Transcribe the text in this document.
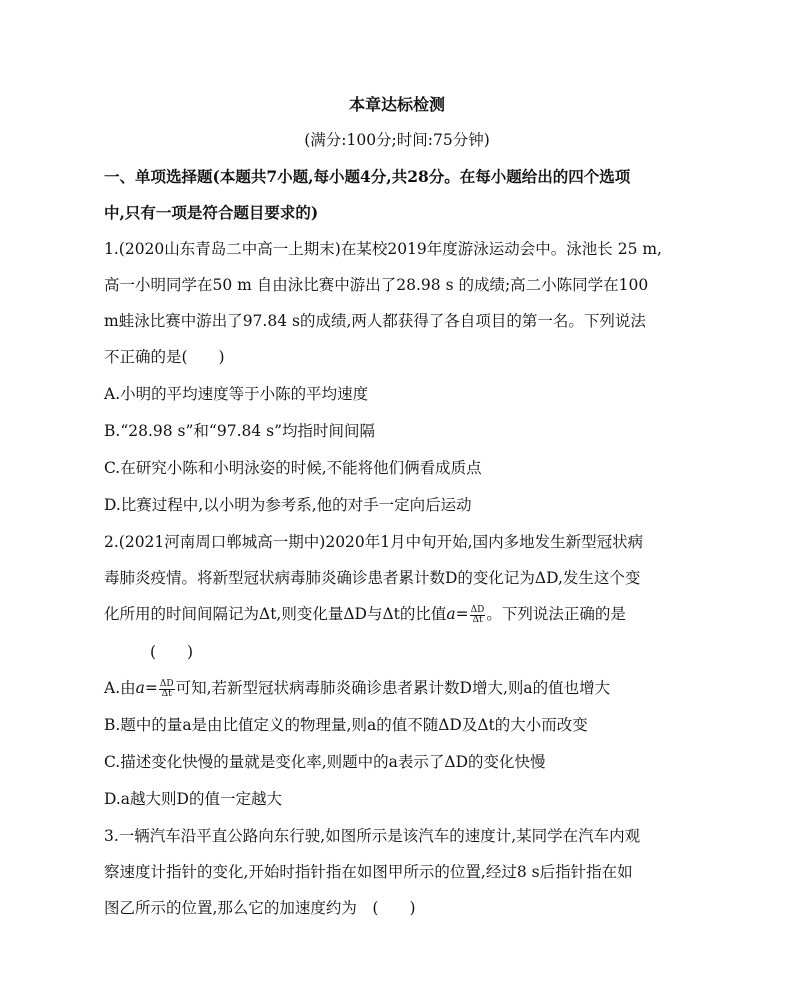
本章达标检测
(满分:100分;时间:75分钟)
一、单项选择题(本题共7小题,每小题4分,共28分。在每小题给出的四个选项
中,只有一项是符合题目要求的)
1.(2020山东青岛二中高一上期末)在某校2019年度游泳运动会中。泳池长 25 m,
高一小明同学在50 m 自由泳比赛中游出了28.98 s 的成绩;高二小陈同学在100
m蛙泳比赛中游出了97.84 s的成绩,两人都获得了各自项目的第一名。下列说法
不正确的是(　　)
A.小明的平均速度等于小陈的平均速度
B.“28.98 s”和“97.84 s”均指时间间隔
C.在研究小陈和小明泳姿的时候,不能将他们俩看成质点
D.比赛过程中,以小明为参考系,他的对手一定向后运动
2.(2021河南周口郸城高一期中)2020年1月中旬开始,国内多地发生新型冠状病
毒肺炎疫情。将新型冠状病毒肺炎确诊患者累计数D的变化记为ΔD,发生这个变
化所用的时间间隔记为Δt,则变化量ΔD与Δt的比值$a= \frac{\Delta D}{\Delta t}$ 。下列说法正确的是
(　　)
A.由$a= \frac{\Delta D}{\Delta t}$ 可知,若新型冠状病毒肺炎确诊患者累计数D增大,则a的值也增大
B.题中的量a是由比值定义的物理量,则a的值不随ΔD及Δt的大小而改变
C.描述变化快慢的量就是变化率,则题中的a表示了ΔD的变化快慢
D.a越大则D的值一定越大
3.一辆汽车沿平直公路向东行驶,如图所示是该汽车的速度计,某同学在汽车内观
察速度计指针的变化,开始时指针指在如图甲所示的位置,经过8 s后指针指在如
图乙所示的位置,那么它的加速度约为　(　　)
